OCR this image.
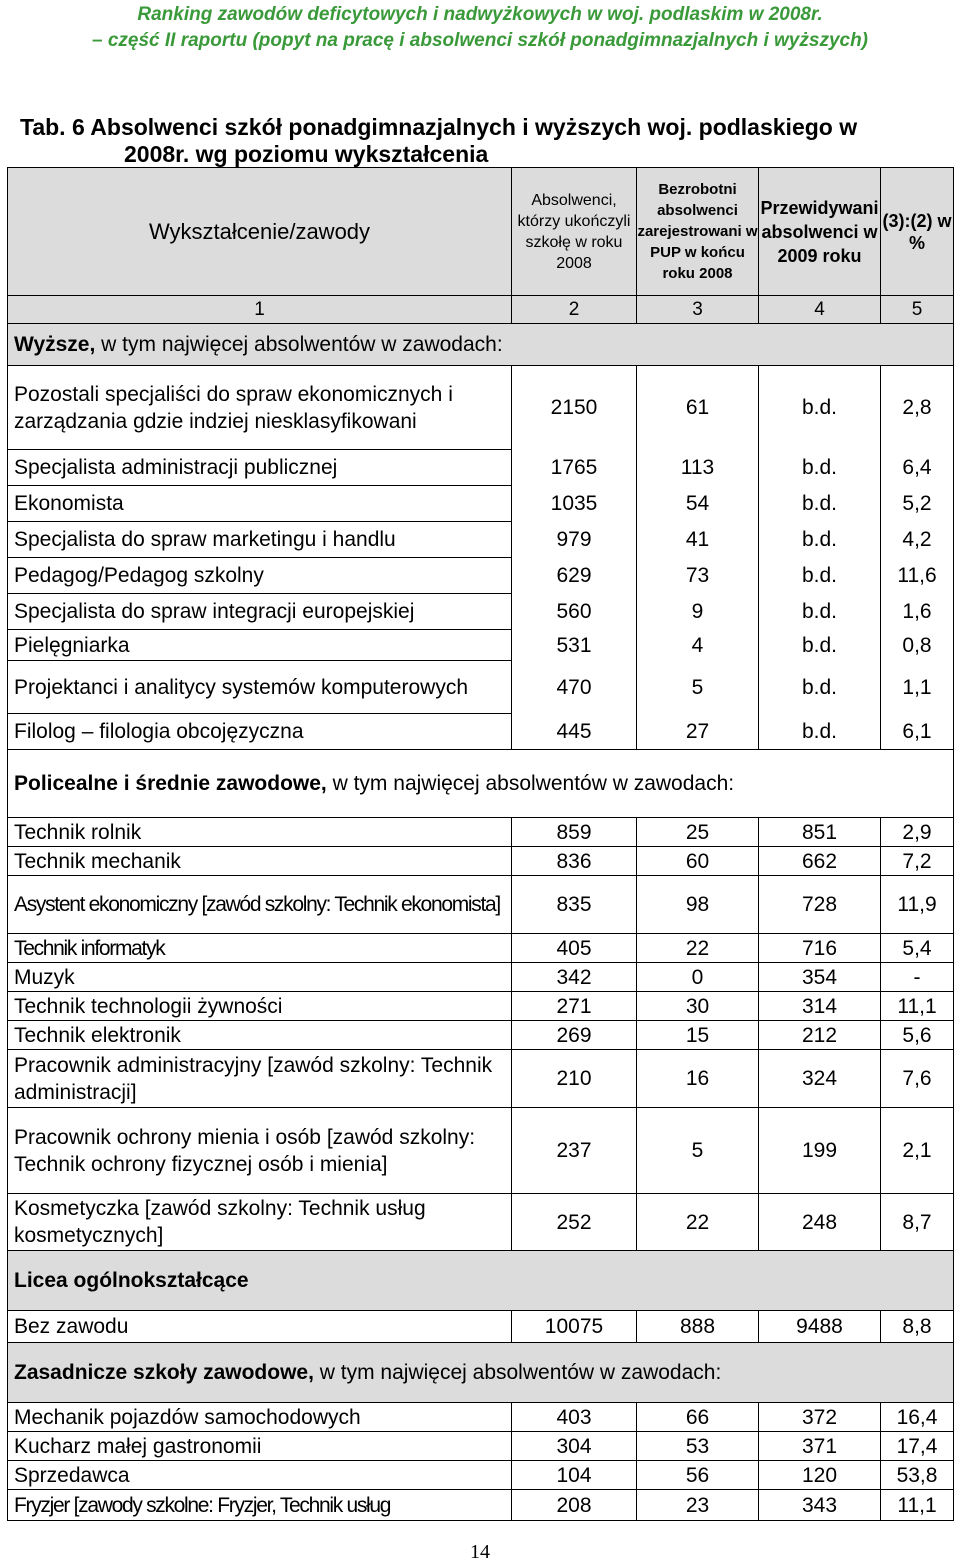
Ranking zawodów deficytowych i nadwyżkowych w woj. podlaskim w 2008r.
– część II raportu (popyt na pracę i absolwenci szkół ponadgimnazjalnych i wyższych)
Tab. 6 Absolwenci szkół ponadgimnazjalnych i wyższych woj. podlaskiego w
2008r. wg poziomu wykształcenia
Wykształcenie/zawody	Absolwenci, którzy ukończyli szkołę w roku 2008	Bezrobotni absolwenci zarejestrowani w PUP w końcu roku 2008	Przewidywani absolwenci w 2009 roku	(3):(2) w %
1	2	3	4	5
Wyższe, w tym najwięcej absolwentów w zawodach:				
Pozostali specjaliści do spraw ekonomicznych i zarządzania gdzie indziej niesklasyfikowani	2150	61	b.d.	2,8
Specjalista administracji publicznej	1765	113	b.d.	6,4
Ekonomista	1035	54	b.d.	5,2
Specjalista do spraw marketingu i handlu	979	41	b.d.	4,2
Pedagog/Pedagog szkolny	629	73	b.d.	11,6
Specjalista do spraw integracji europejskiej	560	9	b.d.	1,6
Pielęgniarka	531	4	b.d.	0,8
Projektanci i analitycy systemów komputerowych	470	5	b.d.	1,1
Filolog – filologia obcojęzyczna	445	27	b.d.	6,1
Policealne i średnie zawodowe, w tym najwięcej absolwentów w zawodach:				
Technik rolnik	859	25	851	2,9
Technik mechanik	836	60	662	7,2
Asystent ekonomiczny [zawód szkolny: Technik ekonomista]	835	98	728	11,9
Technik informatyk	405	22	716	5,4
Muzyk	342	0	354	-
Technik technologii żywności	271	30	314	11,1
Technik elektronik	269	15	212	5,6
Pracownik administracyjny [zawód szkolny: Technik administracji]	210	16	324	7,6
Pracownik ochrony mienia i osób [zawód szkolny: Technik ochrony fizycznej osób i mienia]	237	5	199	2,1
Kosmetyczka [zawód szkolny: Technik usług kosmetycznych]	252	22	248	8,7
Licea ogólnokształcące				
Bez zawodu	10075	888	9488	8,8
Zasadnicze szkoły zawodowe, w tym najwięcej absolwentów w zawodach:				
Mechanik pojazdów samochodowych	403	66	372	16,4
Kucharz małej gastronomii	304	53	371	17,4
Sprzedawca	104	56	120	53,8
Fryzjer [zawody szkolne: Fryzjer, Technik usług	208	23	343	11,1
14
